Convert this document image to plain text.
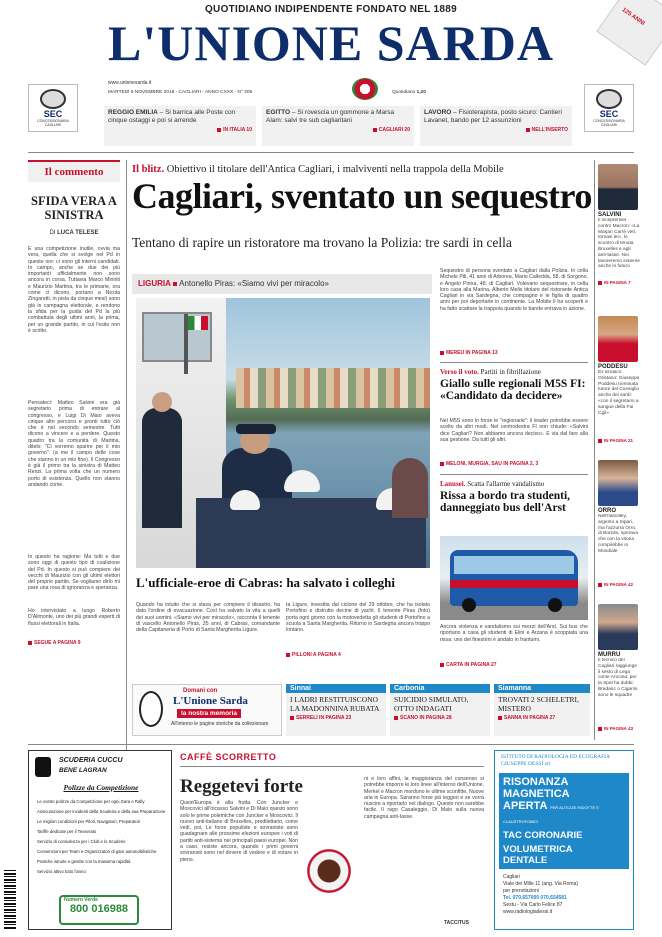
QUOTIDIANO INDIPENDENTE FONDATO NEL 1889
L'UNIONE SARDA	125 ANNI
www.unionesarda.it
MARTEDÌ 6 NOVEMBRE 2018 - CAGLIARI - ANNO CXXX - N° 305	Quotidiano 1,20
SEC
CONCESSIONARIA CAGLIARI
SEC
CONCESSIONARIA CAGLIARI
REGGIO EMILIA – Si barrica alle Poste con cinque ostaggi e poi si arrende
IN ITALIA 10
EGITTO – Si rovescia un gommone a Marsa Alam: salvi tre sub cagliaritani
CAGLIARI 20
LAVORO – Fisioterapista, posto sicuro: Cantieri Lavanet, bando per 12 assunzioni
NELL'INSERTO
Il commento
SFIDA VERA A SINISTRA
DI LUCA TELESE
È una competizione inutile, ovvia ma vera, quella che si svolge nel Pd in queste ore: ci sono gli interni candidati. In campo, anche se due dei più importanti ufficialmente non sono ancora in corsa. Tuttavia Marco Minniti e Maurizio Martina, tra le primarie, ora come ci dicono, portano a Nicola Zingaretti, in pista da cinque mesi) sono già in campagna elettorale, e rendono la sfida per la guida del Pd la più combattuta degli ultimi anni, la prima, per un grande partito, in cui l'esito non è scritto.
Pensateci: Matteo Salvini era già segretario prima di entrare al congresso, e Luigi Di Maio aveva cinque altri percorsi e pronti tutto ciò che è nel secondo semestre. Tutti dicono a vincere e a perdere. Questo quadro tra la comunità di Martina, ditelo: "Ci vorremo sparire per il mio governo": (a me il campo delle cose che stanno in un mio fine). Il Congresso è già il primo tra la sinistra di Matteo Renzi. La prima volta che un numero porto di esistenza. Quello non stanno andando come.
In questo ha ragione: Ma tutti e due sono oggi di questo tipo di coalizione del Pd. In questo si può compiere dei vecchi di Maurizio con gli ultimi elettori del proprio partito. Se vogliamo dirlo mi pare una rosa di ignoranza e speranza.
Ho intervistato a lungo Roberto D'Alimonte, uno dei più grandi esperti di flussi elettorali in Italia.
SEGUE A PAGINA 9
Il blitz. Obiettivo il titolare dell'Antica Cagliari, i malviventi nella trappola della Mobile
Cagliari, sventato un sequestro
Tentano di rapire un ristoratore ma trovano la Polizia: tre sardi in cella
LIGURIA Antonello Piras: «Siamo vivi per miracolo»
L'ufficiale-eroe di Cabras: ha salvato i colleghi
Quando ha intuito che si stava per compiere il disastro, ha dato l'ordine di evacuazione. Così ha salvato la vita a quelli dei suoi uomini. «Siamo vivi per miracolo», racconta il tenente di vascello Antonello Piras, 35 anni, di Cabras, comandante della Capitaneria di Porto di Santa Margherita Ligure.
ta Ligure, investita dal ciclone del 29 ottobre, che ha isolato Portofino e distrutto decine di yacht. Il tenente Piras (foto) porta ogni giorno con la motovedetta gli studenti di Portofino a scuola a Santa Margherita. Ritorno in Sardegna ancora troppo lontano.
PILLONI A PAGINA 4
Sequestro di persona sventato a Cagliari dalla Polizia. In cella Michele Pili, 41 anni di Arborea, Mario Calledda, 58, di Sorgono, e Angelo Pinna, 48, di Cagliari. Volevano sequestrare, in cella loro casa alla Marina, Alberto Melis titolare del ristorante Antica Cagliari in via Sardegna, che compagno e le figlia di quattro anni per poi deportarle in continente. La Mobile li ha scoperti e ha fatto scattare la trappola quando le bande entrava in azione.
MEREU IN PAGINA 13
Verso il voto. Partiti in fibrillazione
Giallo sulle regionali M5S FI: «Candidato da decidere»
Nel M5S sono in forse le "regionarie": il leader potrebbe essere scelto da altri modi. Nel centrodestra FI non chiude: «Salvini dice Cagliari? Non abbiamo ancora deciso». E via dal fare alla sua gestione. Da tutti gli altri.
MELONI, MURGIA, SAU IN PAGINA 2, 3
Lanusei. Scatta l'allarme vandalismo
Rissa a bordo tra studenti, danneggiato bus dell'Arst
Ancora violenza e vandalismo sui mezzi dell'Arst. Sui bus che riportano a casa gli studenti di Elini e Arzana è scoppiata una rissa: uno dei finestrini è andato in frantumi.
CARTA IN PAGINA 27
SALVINI
Il vicepremier contro Macron: «La Marjan Carré veri, tornasi lei», lo scontro di tenuta Bruxelles e agli anti-tasse. Noi lavoreremo insieme anche in futuro
IN PAGINA 7
PODDESU
Ex sindaco Oristano: Giuseppe Poddesu nominata tutore del Consiglio anche dei sardi: «con il segretario a sangue della Fai Cgil»
IN PAGINA 21
ORRO
Nell'Italvolley, argento a Sipari, ma l'azzurra Orro, di Bortolo, sperava che con la vitoria compirebbe in Mondiale
IN PAGINA 42
MURRU
Il tecnico del Cagliari raggiunge il sesto di Lega come Ancona: per la Spal ha dubbi: Bradaric o Cigarini sono le squadre
IN PAGINA 43
Domani con
L'Unione Sarda
la nostra memoria
All'interno le pagine storiche da collezionare
Sinnai
I LADRI RESTITUISCONO LA MADONNINA RUBATA
SERRELI IN PAGINA 23
Carbonia
SUICIDIO SIMULATO, OTTO INDAGATI
SCANO IN PAGINA 28
Siamanna
TROVATI 2 SCHELETRI, MISTERO
SANNA IN PAGINA 27
SCUDERIA CUCCU
BENE LAGRAN
Polizze da Competizione
Le vostre polizze da Competizione per ogni Gara e Rally
Assicurazione per incidenti della Scuderia e della sua Preparazione
Le migliori condizioni per Piloti, Navigatori, Preparatori
Tariffe dedicate per il Tesserato
Servizio di consulenza per i Club e le Scuderie
Convenzioni per Team e Organizzatori di gare automobilistiche
Pratiche istruite e gestite con la massima rapidità
Servizio attivo tutto l'anno
Numero Verde
800 016988
CAFFÈ SCORRETTO
Reggetevi forte
Quest'Europa è alla frutta. Con Juncker e Moscovici all'incasso Salvini e Di Maio questo sono solo le prime polemiche con Juncker e Moscovici. Il nuovo anti-italiano di Bruxelles, predilettano, come vedi, poi, Le forze populiste e sovraniste sono guadagnare alle prossime elezioni europee i voti di partiti anti-sistema nei principali paesi europei. Non a caso, resiste ancora, quando i primi governi sovranisti sono nel dovere di vedere e di votare in pieno.
ni e loro affini, la maggioranza del consenso si potrebbe imporre le loro linee all'interno dell'Unione. Merkel e Macron mordono le ultime sconfitte, Nuove aria in Europa. Saranno forse più leggeri e se vorrà riuscire a riportarlo nel dialogo. Questo non sarebbe facile. Il rago Casaleggio, Di Maio sulla nuova campagna anti-tasse.
TACCITUS
ISTITUTO DI RADIOLOGIA ED ECOGRAFIA GIUSEPPE DESSÌ srl
RISONANZA
MAGNETICA
APERTA PER ALTEZZE RIDOTTE E CLAUSTROFOBICI
TAC CORONARIE
VOLUMETRICA
DENTALE
Cagliari
Viale dei Mille 11 (ang. Via Roma)
per prenotazioni
Tel. 070.657000 070.654581
Sestu - Via Carlo Felice 87
www.radiologiadessi.it
